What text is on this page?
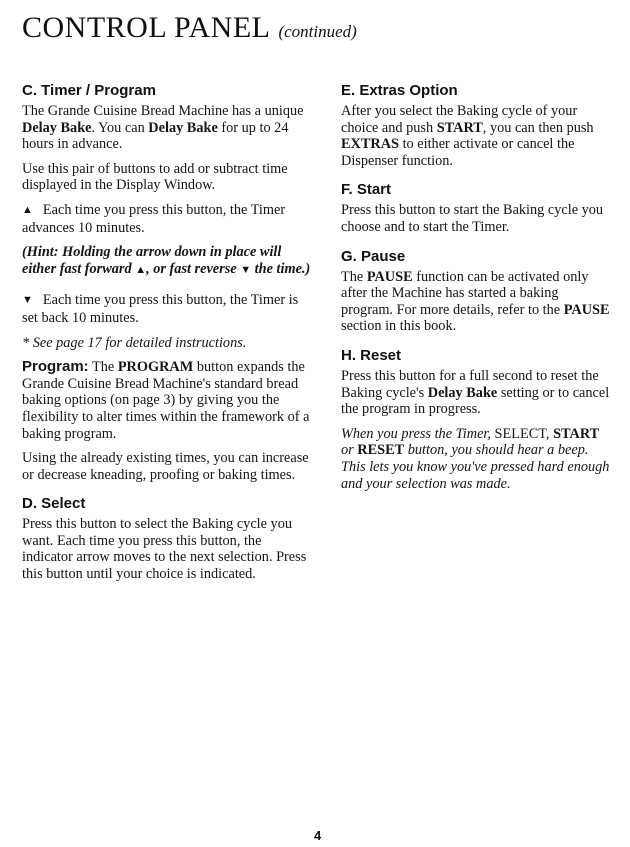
CONTROL PANEL (continued)
C. Timer / Program

The Grande Cuisine Bread Machine has a unique Delay Bake. You can Delay Bake for up to 24 hours in advance.

Use this pair of buttons to add or subtract time displayed in the Display Window.

▲ Each time you press this button, the Timer advances 10 minutes.

(Hint: Holding the arrow down in place will either fast forward ▲, or fast reverse ▼ the time.)

▼ Each time you press this button, the Timer is set back 10 minutes.

* See page 17 for detailed instructions.

Program: The PROGRAM button expands the Grande Cuisine Bread Machine's standard bread baking options (on page 3) by giving you the flexibility to alter times within the framework of a baking program.

Using the already existing times, you can increase or decrease kneading, proofing or baking times.

D. Select

Press this button to select the Baking cycle you want. Each time you press this button, the indicator arrow moves to the next selection. Press this button until your choice is indicated.

E. Extras Option

After you select the Baking cycle of your choice and push START, you can then push EXTRAS to either activate or cancel the Dispenser function.

F. Start

Press this button to start the Baking cycle you choose and to start the Timer.

G. Pause

The PAUSE function can be activated only after the Machine has started a baking program. For more details, refer to the PAUSE section in this book.

H. Reset

Press this button for a full second to reset the Baking cycle's Delay Bake setting or to cancel the program in progress.

When you press the Timer, SELECT, START or RESET button, you should hear a beep. This lets you know you've pressed hard enough and your selection was made.

4
